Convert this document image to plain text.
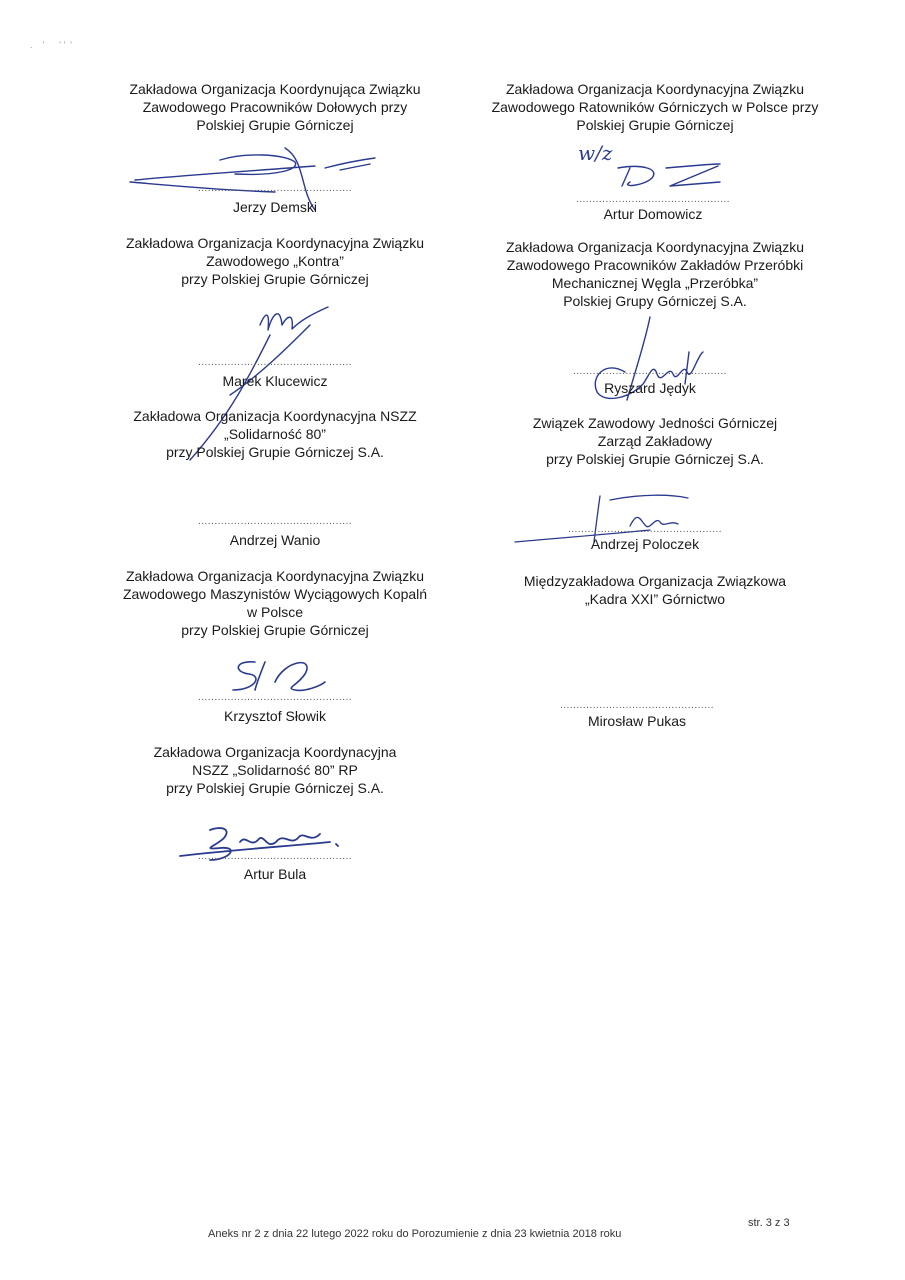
.    '      ' '  '
Zakładowa Organizacja Koordynująca Związku
Zawodowego Pracowników Dołowych przy
Polskiej Grupie Górniczej
...............................................
Jerzy Demski
Zakładowa Organizacja Koordynacyjna Związku
Zawodowego „Kontra”
przy Polskiej Grupie Górniczej
...............................................
Marek Klucewicz
Zakładowa Organizacja Koordynacyjna NSZZ
„Solidarność 80”
przy Polskiej Grupie Górniczej S.A.
...............................................
Andrzej Wanio
Zakładowa Organizacja Koordynacyjna Związku
Zawodowego Maszynistów Wyciągowych Kopalń
w Polsce
przy Polskiej Grupie Górniczej
...............................................
Krzysztof Słowik
Zakładowa Organizacja Koordynacyjna
NSZZ „Solidarność 80” RP
przy Polskiej Grupie Górniczej S.A.
...............................................
Artur Bula
Zakładowa Organizacja Koordynacyjna Związku
Zawodowego Ratowników Górniczych w Polsce przy
Polskiej Grupie Górniczej
w/z
...............................................
Artur Domowicz
Zakładowa Organizacja Koordynacyjna Związku
Zawodowego Pracowników Zakładów Przeróbki
Mechanicznej Węgla „Przeróbka”
Polskiej Grupy Górniczej S.A.
...............................................
Ryszard Jędyk
Związek Zawodowy Jedności Górniczej
Zarząd Zakładowy
przy Polskiej Grupie Górniczej S.A.
...............................................
Andrzej Poloczek
Międzyzakładowa Organizacja Związkowa
„Kadra XXI” Górnictwo
...............................................
Mirosław Pukas
Aneks nr 2 z dnia 22 lutego 2022 roku do Porozumienie z dnia 23 kwietnia 2018 roku
str. 3 z 3
